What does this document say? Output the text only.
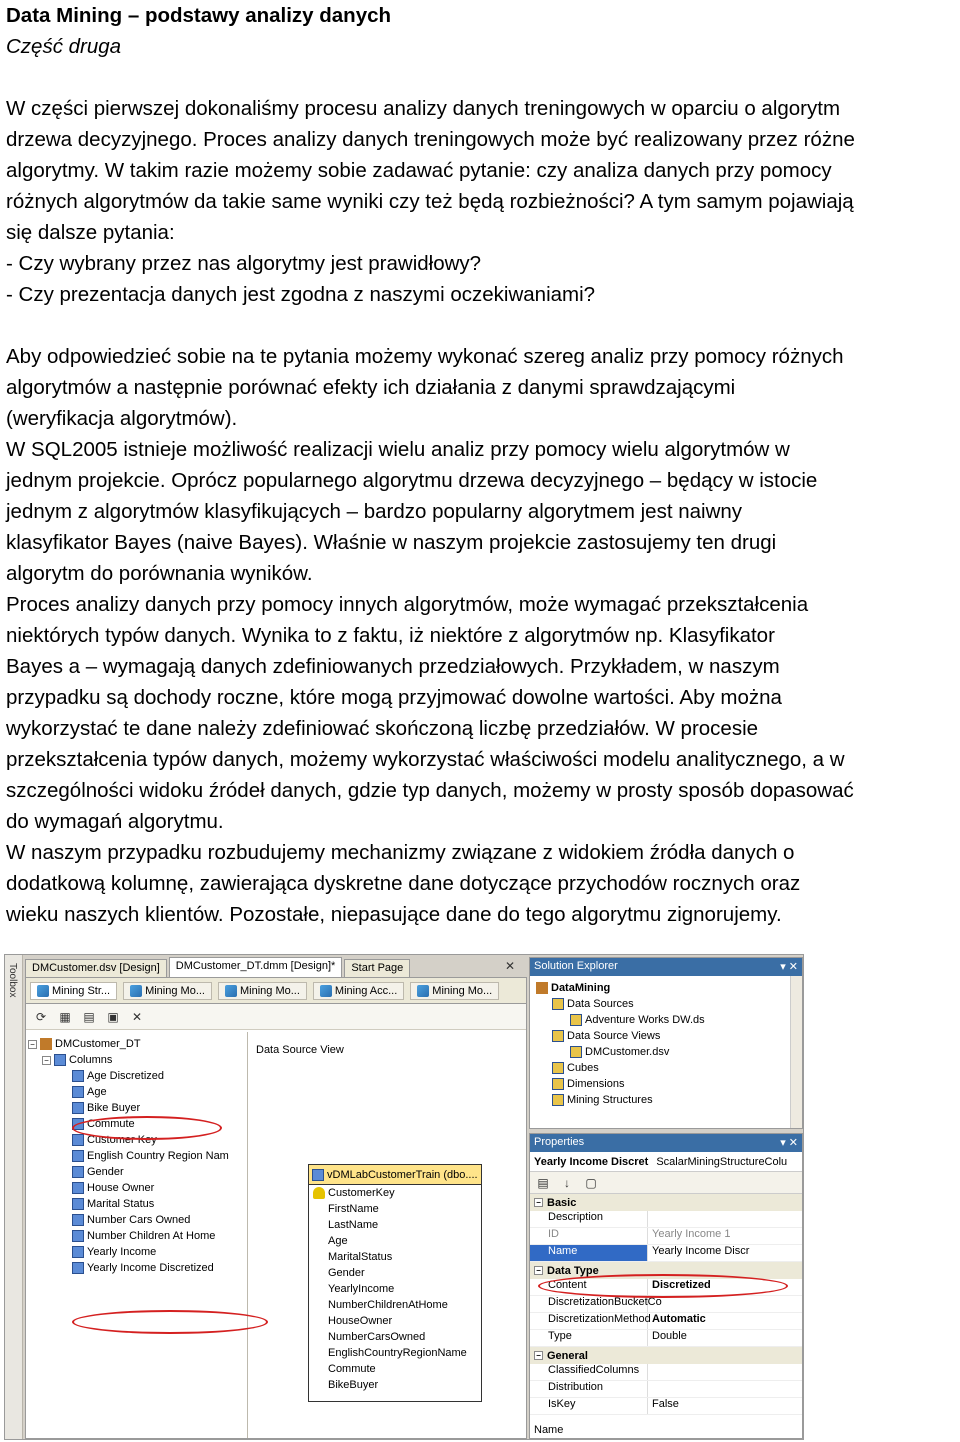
Data Mining – podstawy analizy danych

Część druga

W części pierwszej dokonaliśmy procesu analizy danych treningowych w oparciu o algorytm

drzewa decyzyjnego. Proces analizy danych treningowych może być realizowany przez różne

algorytmy. W takim razie możemy sobie zadawać pytanie: czy analiza danych przy pomocy

różnych algorytmów da takie same wyniki czy też będą rozbieżności? A tym samym pojawiają

się dalsze pytania:

- Czy wybrany przez nas algorytmy jest prawidłowy?

- Czy prezentacja danych jest zgodna z naszymi oczekiwaniami?

Aby odpowiedzieć sobie na te pytania możemy wykonać szereg analiz przy pomocy różnych

algorytmów a następnie porównać efekty ich działania z danymi sprawdzającymi

(weryfikacja algorytmów).

W SQL2005 istnieje możliwość realizacji wielu analiz przy pomocy wielu algorytmów w

jednym projekcie. Oprócz popularnego algorytmu drzewa decyzyjnego – będący w istocie

jednym z algorytmów klasyfikujących – bardzo popularny algorytmem jest naiwny

klasyfikator Bayes (naive Bayes). Właśnie w naszym projekcie zastosujemy ten drugi

algorytm do porównania wyników.

Proces analizy danych przy pomocy innych algorytmów, może wymagać przekształcenia

niektórych typów danych. Wynika to z faktu, iż niektóre z algorytmów np. Klasyfikator

Bayes a – wymagają danych zdefiniowanych przedziałowych. Przykładem, w naszym

przypadku są dochody roczne, które mogą przyjmować dowolne wartości. Aby można

wykorzystać te dane należy zdefiniować skończoną liczbę przedziałów. W procesie

przekształcenia typów danych, możemy wykorzystać właściwości modelu analitycznego, a w

szczególności widoku źródeł danych, gdzie typ danych, możemy w prosty sposób dopasować

do wymagań algorytmu.

W naszym przypadku rozbudujemy mechanizmy związane z widokiem źródła danych o

dodatkową kolumnę, zawierająca dyskretne dane dotyczące przychodów rocznych oraz

wieku naszych klientów. Pozostałe, niepasujące dane do tego algorytmu zignorujemy.

Toolbox	DMCustomer.dsv [Design]	DMCustomer_DT.dmm [Design]*	Start Page	✕
Mining Str...	Mining Mo...	Mining Mo...	Mining Acc...	Mining Mo...
⟳	▦ ▤ ▣	✕
− DMCustomer_DT
− Columns
Age Discretized
Age
Bike Buyer
Commute
Customer Key
English Country Region Nam
Gender
House Owner
Marital Status
Number Cars Owned
Number Children At Home
Yearly Income
Yearly Income Discretized
Data Source View
vDMLabCustomerTrain (dbo....
CustomerKey
FirstName
LastName
Age
MaritalStatus
Gender
YearlyIncome
NumberChildrenAtHome
HouseOwner
NumberCarsOwned
EnglishCountryRegionName
Commute
BikeBuyer
Solution Explorer	▾ ✕
DataMining
Data Sources
Adventure Works DW.ds
Data Source Views
DMCustomer.dsv
Cubes
Dimensions
Mining Structures
Properties	▾ ✕
Yearly Income Discret ScalarMiningStructureColu
▤	↓	▢
− Basic
Description
ID	Yearly Income 1
Name	Yearly Income Discr
− Data Type
Content	Discretized
DiscretizationBucketCo
DiscretizationMethod Automatic
Type	Double
− General
ClassifiedColumns
Distribution
IsKey	False
Name
